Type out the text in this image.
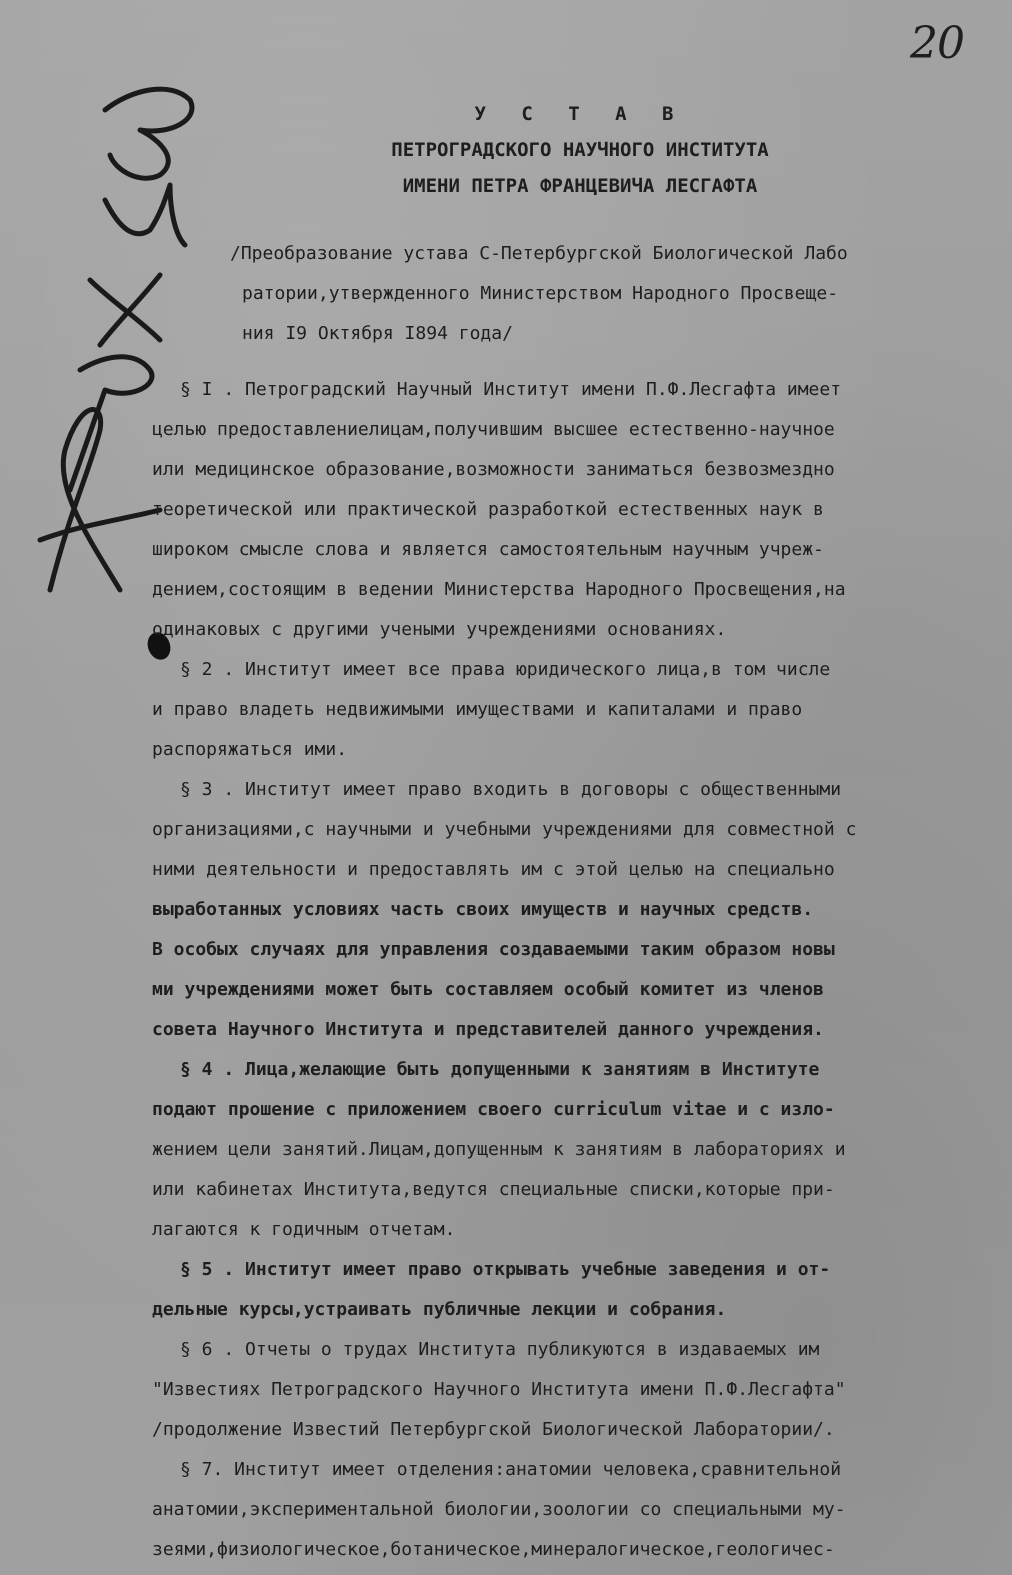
20
У С Т А В
ПЕТРОГРАДСКОГО НАУЧНОГО ИНСТИТУТА
ИМЕНИ ПЕТРА ФРАНЦЕВИЧА ЛЕСГАФТА
/Преобразование устава С-Петербургской Биологической Лабо
ратории,утвержденного Министерством Народного Просвеще-
ния I9 Октября I894 года/
§ I . Петроградский Научный Институт имени П.Ф.Лесгафта имеет
целью предоставлениелицам,получившим высшее естественно-научное
или медицинское образование,возможности заниматься безвозмездно
теоретической или практической разработкой естественных наук в
широком смысле слова и является самостоятельным научным учреж-
дением,состоящим в ведении Министерства Народного Просвещения,на
одинаковых с другими учеными учреждениями основаниях.
§ 2 . Институт имеет все права юридического лица,в том числе
и право владеть недвижимыми имуществами и капиталами и право
распоряжаться ими.
§ 3 . Институт имеет право входить в договоры с общественными
организациями,с научными и учебными учреждениями для совместной с
ними деятельности и предоставлять им с этой целью на специально
выработанных условиях часть своих имуществ и научных средств.
В особых случаях для управления создаваемыми таким образом новы
ми учреждениями может быть составляем особый комитет из членов
совета Научного Института и представителей данного учреждения.
§ 4 . Лица,желающие быть допущенными к занятиям в Институте
подают прошение с приложением своего curriculum vitae и с изло-
жением цели занятий.Лицам,допущенным к занятиям в лабораториях и
или кабинетах Института,ведутся специальные списки,которые при-
лагаются к годичным отчетам.
§ 5 . Институт имеет право открывать учебные заведения и от-
дельные курсы,устраивать публичные лекции и собрания.
§ 6 . Отчеты о трудах Института публикуются в издаваемых им
"Известиях Петроградского Научного Института имени П.Ф.Лесгафта"
/продолжение Известий Петербургской Биологической Лаборатории/.
§ 7. Институт имеет отделения:анатомии человека,сравнительной
анатомии,экспериментальной биологии,зоологии со специальными му-
зеями,физиологическое,ботаническое,минералогическое,геологичес-
